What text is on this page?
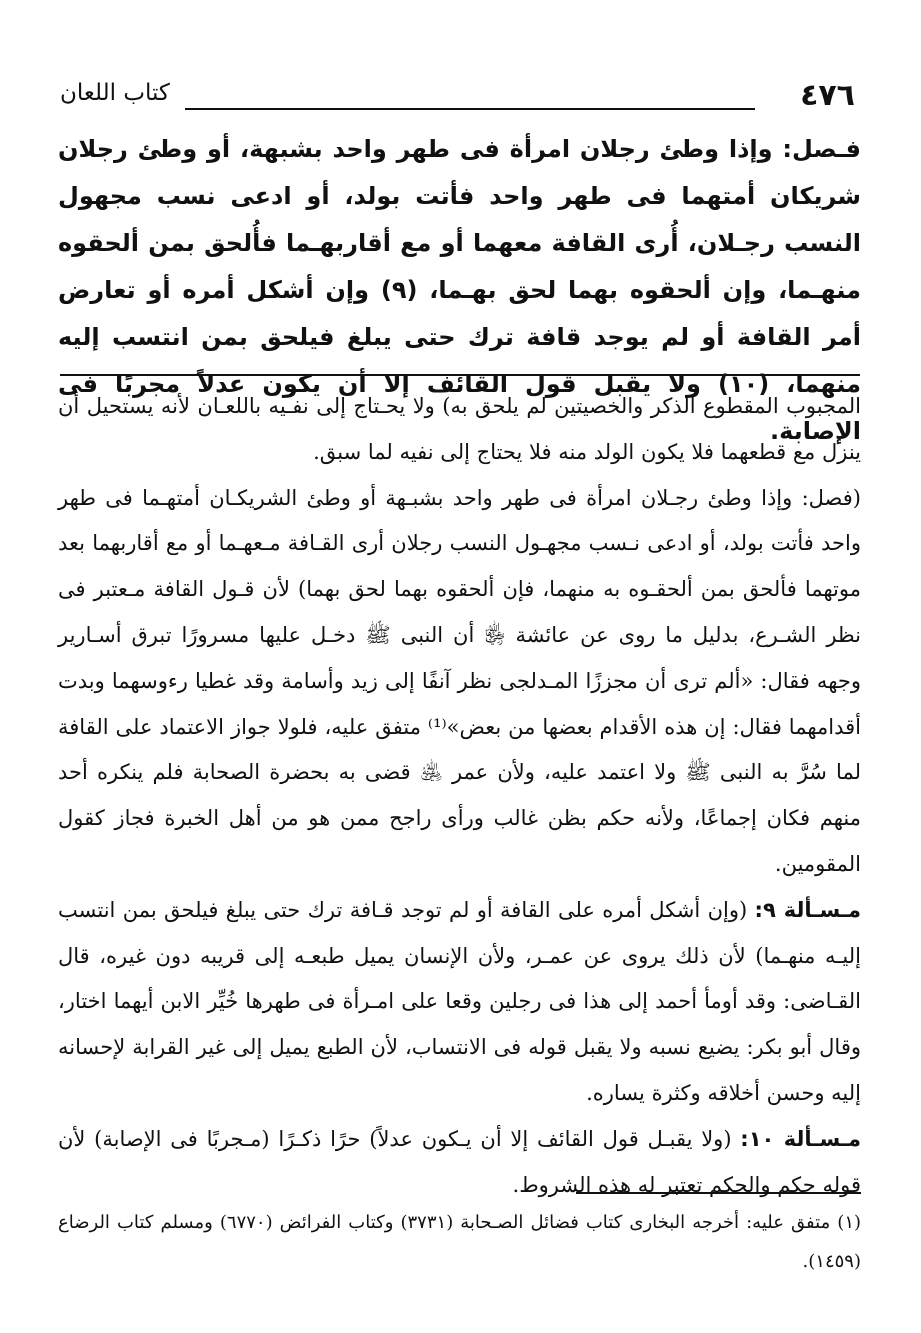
٤٧٦
كتاب اللعان
فـصل: وإذا وطئ رجلان امرأة فى طهر واحد بشبهة، أو وطئ رجلان شريكان أمتهما فى طهر واحد فأتت بولد، أو ادعى نسب مجهول النسب رجـلان، أُرى القافة معهما أو مع أقاربهـما فأُلحق بمن ألحقوه منهـما، وإن ألحقوه بهما لحق بهـما، (٩) وإن أشكل أمره أو تعارض أمر القافة أو لم يوجد قافة ترك حتى يبلغ فيلحق بمن انتسب إليه منهما، (١٠) ولا يقبل قول القائف إلا أن يكون عدلاً مجربًا فى الإصابة.

المجبوب المقطوع الذكر والخصيتين لم يلحق به) ولا يحـتاج إلى نفـيه باللعـان لأنه يستحيل أن ينزل مع قطعهما فلا يكون الولد منه فلا يحتاج إلى نفيه لما سبق.

(فصل: وإذا وطئ رجـلان امرأة فى طهر واحد بشبـهة أو وطئ الشريكـان أمتهـما فى طهر واحد فأتت بولد، أو ادعى نـسب مجهـول النسب رجلان أرى القـافة مـعهـما أو مع أقاربهما بعد موتهما فألحق بمن ألحقـوه به منهما، فإن ألحقوه بهما لحق بهما) لأن قـول القافة مـعتبر فى نظر الشـرع، بدليل ما روى عن عائشة ﵂ أن النبى ﷺ دخـل عليها مسرورًا تبرق أسـارير وجهه فقال: «ألم ترى أن مجززًا المـدلجى نظر آنفًا إلى زيد وأسامة وقد غطيا رءوسهما وبدت أقدامهما فقال: إن هذه الأقدام بعضها من بعض»⁽¹⁾ متفق عليه، فلولا جواز الاعتماد على القافة لما سُرَّ به النبى ﷺ ولا اعتمد عليه، ولأن عمر ﵁ قضى به بحضرة الصحابة فلم ينكره أحد منهم فكان إجماعًا، ولأنه حكم بظن غالب ورأى راجح ممن هو من أهل الخبرة فجاز كقول المقومين.

مـسـألة ٩: (وإن أشكل أمره على القافة أو لم توجد قـافة ترك حتى يبلغ فيلحق بمن انتسب إليـه منهـما) لأن ذلك يروى عن عمـر، ولأن الإنسان يميل طبعـه إلى قريبه دون غيره، قال القـاضى: وقد أومأ أحمد إلى هذا فى رجلين وقعا على امـرأة فى طهرها خُيِّر الابن أيهما اختار، وقال أبو بكر: يضيع نسبه ولا يقبل قوله فى الانتساب، لأن الطبع يميل إلى غير القرابة لإحسانه إليه وحسن أخلاقه وكثرة يساره.

مـسـألة ١٠: (ولا يقبـل قول القائف إلا أن يـكون عدلاً) حرًا ذكـرًا (مـجربًا فى الإصابة) لأن قوله حكم والحكم تعتبر له هذه الشروط.

(١) متفق عليه: أخرجه البخارى كتاب فضائل الصـحابة (٣٧٣١) وكتاب الفرائض (٦٧٧٠) ومسلم كتاب الرضاع (١٤٥٩).
